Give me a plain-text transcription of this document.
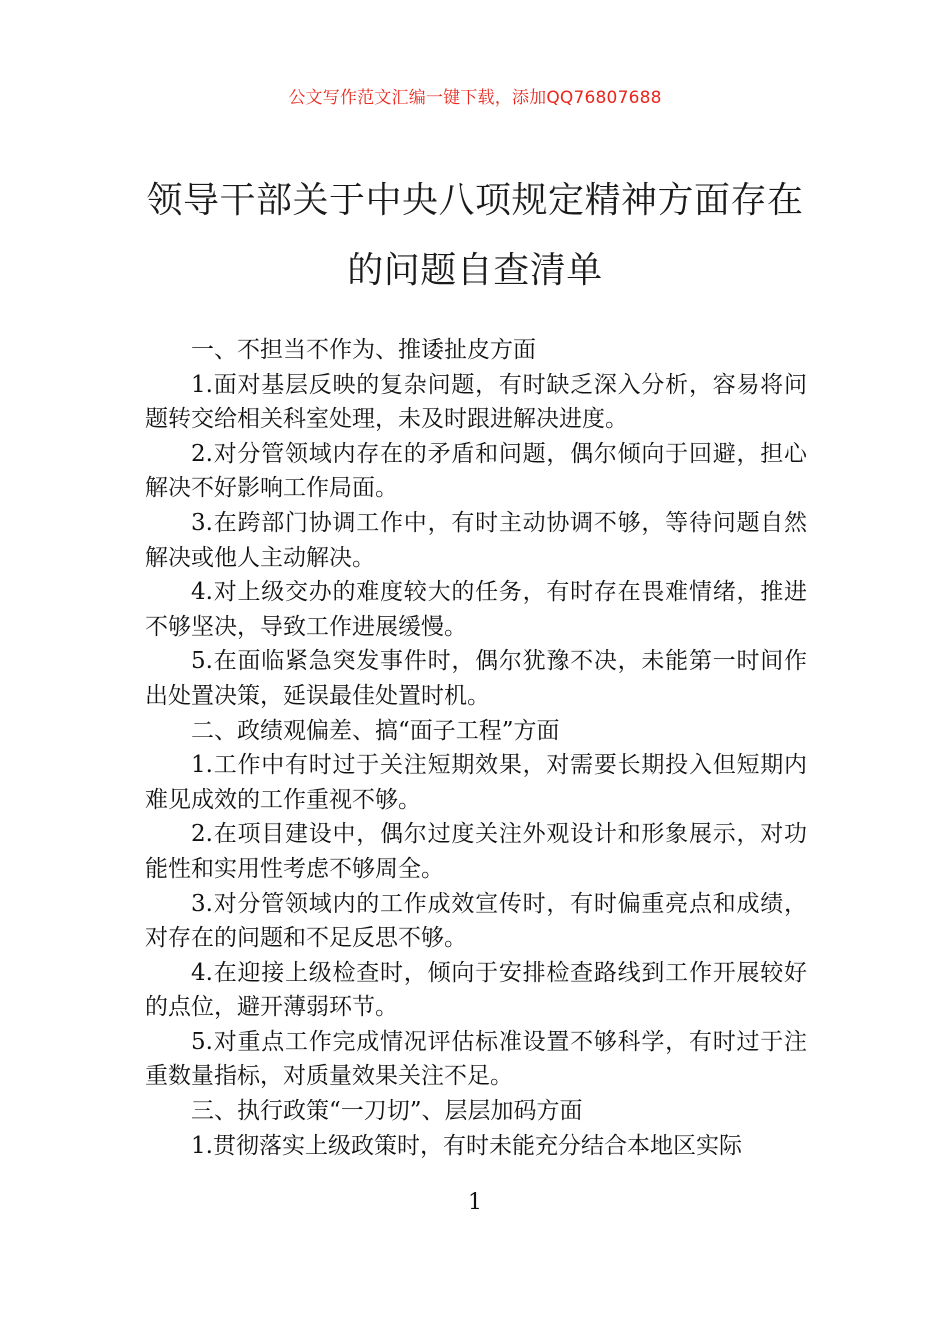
公文写作范文汇编一键下载，添加QQ76807688
领导干部关于中央八项规定精神方面存在的问题自查清单

一、不担当不作为、推诿扯皮方面

1.面对基层反映的复杂问题，有时缺乏深入分析，容易将问题转交给相关科室处理，未及时跟进解决进度。

2.对分管领域内存在的矛盾和问题，偶尔倾向于回避，担心解决不好影响工作局面。

3.在跨部门协调工作中，有时主动协调不够，等待问题自然解决或他人主动解决。

4.对上级交办的难度较大的任务，有时存在畏难情绪，推进不够坚决，导致工作进展缓慢。

5.在面临紧急突发事件时，偶尔犹豫不决，未能第一时间作出处置决策，延误最佳处置时机。

二、政绩观偏差、搞“面子工程”方面

1.工作中有时过于关注短期效果，对需要长期投入但短期内难见成效的工作重视不够。

2.在项目建设中，偶尔过度关注外观设计和形象展示，对功能性和实用性考虑不够周全。

3.对分管领域内的工作成效宣传时，有时偏重亮点和成绩，对存在的问题和不足反思不够。

4.在迎接上级检查时，倾向于安排检查路线到工作开展较好的点位，避开薄弱环节。

5.对重点工作完成情况评估标准设置不够科学，有时过于注重数量指标，对质量效果关注不足。

三、执行政策“一刀切”、层层加码方面

1.贯彻落实上级政策时，有时未能充分结合本地区实际

1
